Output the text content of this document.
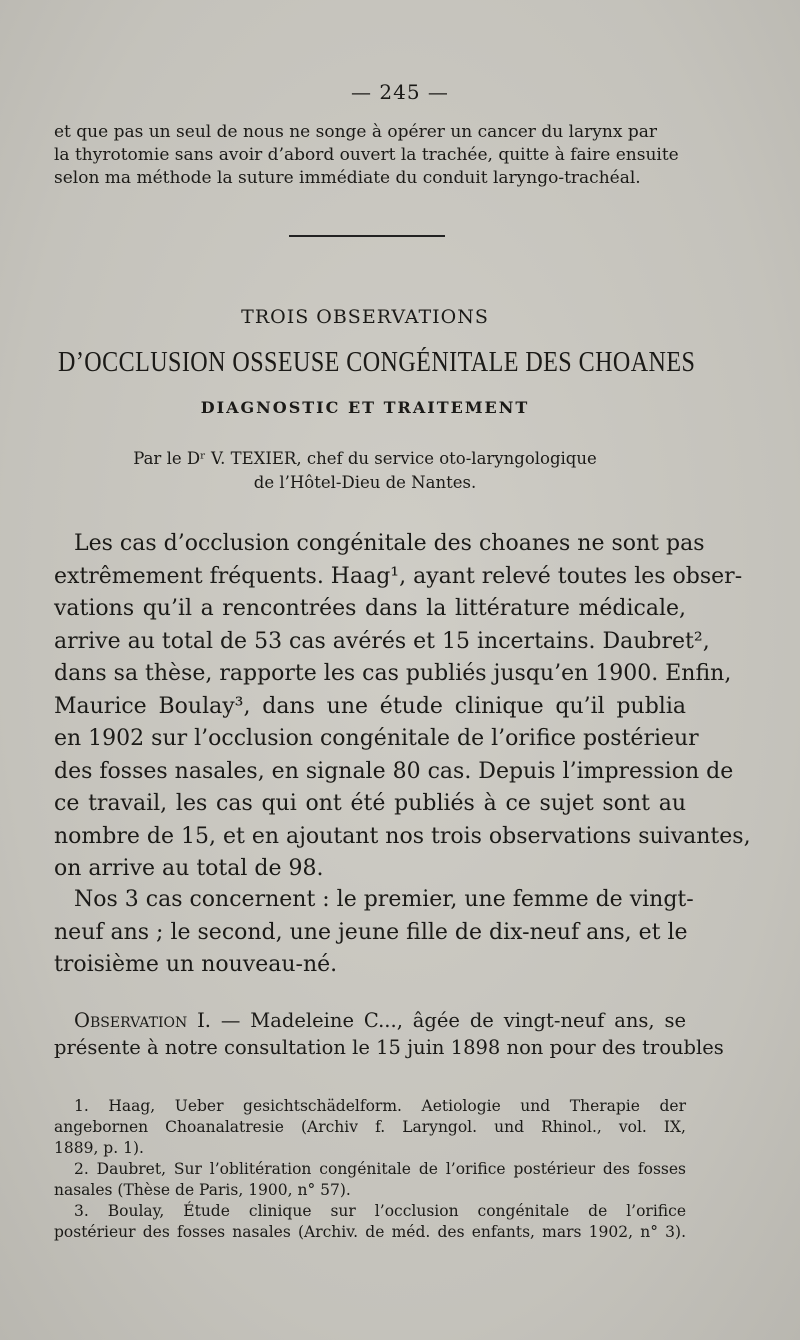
— 245 —
et que pas un seul de nous ne songe à opérer un cancer du larynx par
la thyrotomie sans avoir d’abord ouvert la trachée, quitte à faire ensuite
selon ma méthode la suture immédiate du conduit laryngo-trachéal.
TROIS OBSERVATIONS
D’OCCLUSION OSSEUSE CONGÉNITALE DES CHOANES
DIAGNOSTIC ET TRAITEMENT
Par le Dʳ V. TEXIER, chef du service oto-laryngologique
de l’Hôtel-Dieu de Nantes.
Les cas d’occlusion congénitale des choanes ne sont pas
extrêmement fréquents. Haag¹, ayant relevé toutes les obser-
vations qu’il a rencontrées dans la littérature médicale,
arrive au total de 53 cas avérés et 15 incertains. Daubret²,
dans sa thèse, rapporte les cas publiés jusqu’en 1900. Enfin,
Maurice Boulay³, dans une étude clinique qu’il publia
en 1902 sur l’occlusion congénitale de l’orifice postérieur
des fosses nasales, en signale 80 cas. Depuis l’impression de
ce travail, les cas qui ont été publiés à ce sujet sont au
nombre de 15, et en ajoutant nos trois observations suivantes,
on arrive au total de 98.
Nos 3 cas concernent : le premier, une femme de vingt-
neuf ans ; le second, une jeune fille de dix-neuf ans, et le
troisième un nouveau-né.
Observation I. — Madeleine C..., âgée de vingt-neuf ans, se
présente à notre consultation le 15 juin 1898 non pour des troubles
1. Haag, Ueber gesichtschädelform. Aetiologie und Therapie der
angebornen Choanalatresie (Archiv f. Laryngol. und Rhinol., vol. IX,
1889, p. 1).
2. Daubret, Sur l’oblitération congénitale de l’orifice postérieur des fosses
nasales (Thèse de Paris, 1900, n° 57).
3. Boulay, Étude clinique sur l’occlusion congénitale de l’orifice
postérieur des fosses nasales (Archiv. de méd. des enfants, mars 1902, n° 3).
